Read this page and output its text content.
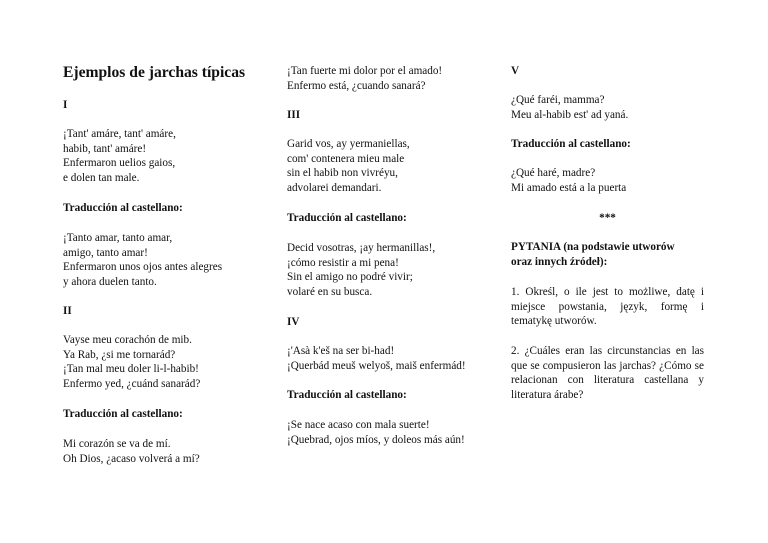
Ejemplos de jarchas típicas
I
¡Tant' amáre, tant' amáre,
habib, tant' amáre!
Enfermaron uelios gaios,
e dolen tan male.
Traducción al castellano:
¡Tanto amar, tanto amar,
amigo, tanto amar!
Enfermaron unos ojos antes alegres
y ahora duelen tanto.
II
Vayse meu corachón de mib.
Ya Rab, ¿si me tornarád?
¡Tan mal meu doler li-l-habib!
Enfermo yed, ¿cuánd sanarád?
Traducción al castellano:
Mi corazón se va de mí.
Oh Dios, ¿acaso volverá a mí?
¡Tan fuerte mi dolor por el amado!
Enfermo está, ¿cuando sanará?
III
Garid vos, ay yermaniellas,
com' contenera mieu male
sin el habib non vivréyu,
advolarei demandari.
Traducción al castellano:
Decid vosotras, ¡ay hermanillas!,
¡cómo resistir a mi pena!
Sin el amigo no podré vivir;
volaré en su busca.
IV
¡'Asà k'eš na ser bi-had!
¡Querbád meuš welyoš, maiš enfermád!
Traducción al castellano:
¡Se nace acaso con mala suerte!
¡Quebrad, ojos míos, y doleos más aún!
V
¿Qué faréi, mamma?
Meu al-habib est' ad yaná.
Traducción al castellano:
¿Qué haré, madre?
Mi amado está a la puerta
***
PYTANIA (na podstawie utworów
oraz innych źródeł):
1. Określ, o ile jest to możliwe, datę i miejsce powstania, język, formę i tematykę utworów.
2. ¿Cuáles eran las circunstancias en las que se compusieron las jarchas? ¿Cómo se relacionan con literatura castellana y literatura árabe?
